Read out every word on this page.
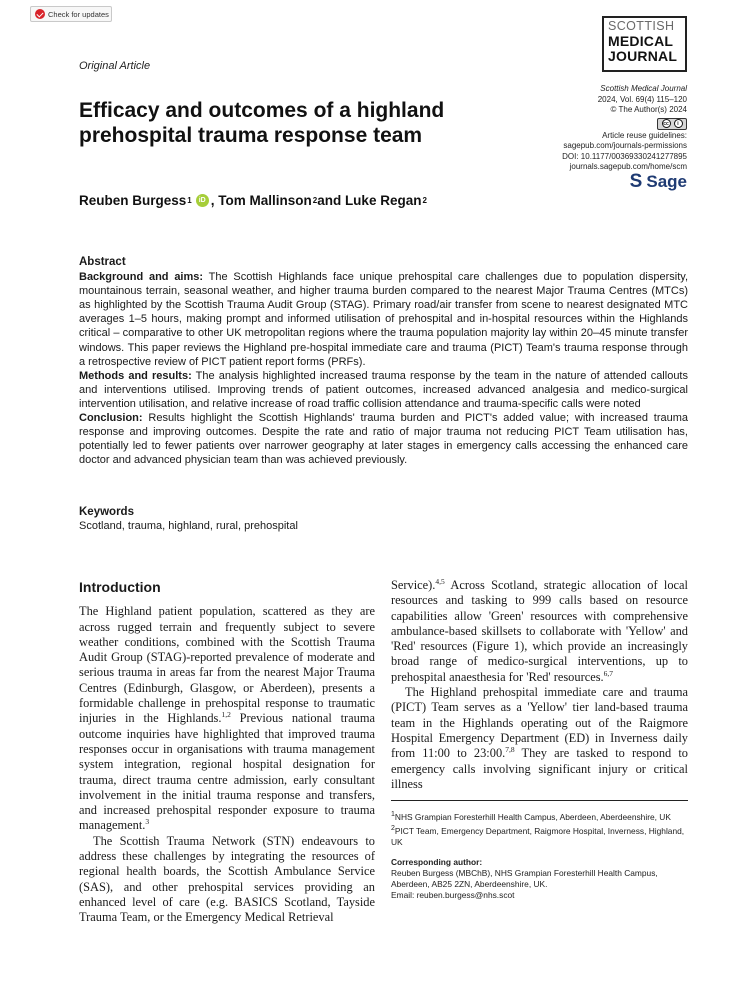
Check for updates
SCOTTISH
MEDICAL
JOURNAL
Original Article
Scottish Medical Journal
2024, Vol. 69(4) 115–120
© The Author(s) 2024
cc	i
Article reuse guidelines:
sagepub.com/journals-permissions
DOI: 10.1177/00369330241277895
journals.sagepub.com/home/scm
S Sage
Efficacy and outcomes of a highland prehospital trauma response team
Reuben Burgess 1	iD , Tom Mallinson 2 and Luke Regan 2
Abstract

Background and aims: The Scottish Highlands face unique prehospital care challenges due to population dispersity, mountainous terrain, seasonal weather, and higher trauma burden compared to the nearest Major Trauma Centres (MTCs) as highlighted by the Scottish Trauma Audit Group (STAG). Primary road/air transfer from scene to nearest designated MTC averages 1–5 hours, making prompt and informed utilisation of prehospital and in-hospital resources within the Highlands critical – comparative to other UK metropolitan regions where the trauma population majority lay within 20–45 minute transfer windows. This paper reviews the Highland pre-hospital immediate care and trauma (PICT) Team's trauma response through a retrospective review of PICT patient report forms (PRFs).

Methods and results: The analysis highlighted increased trauma response by the team in the nature of attended callouts and interventions utilised. Improving trends of patient outcomes, increased advanced analgesia and medico-surgical intervention utilisation, and relative increase of road traffic collision attendance and trauma-specific calls were noted

Conclusion: Results highlight the Scottish Highlands' trauma burden and PICT's added value; with increased trauma response and improving outcomes. Despite the rate and ratio of major trauma not reducing PICT Team utilisation has, potentially led to fewer patients over narrower geography at later stages in emergency calls accessing the enhanced care doctor and advanced physician team than was achieved previously.

Keywords
Scotland, trauma, highland, rural, prehospital
Introduction

The Highland patient population, scattered as they are across rugged terrain and frequently subject to severe weather conditions, combined with the Scottish Trauma Audit Group (STAG)-reported prevalence of moderate and serious trauma in areas far from the nearest Major Trauma Centres (Edinburgh, Glasgow, or Aberdeen), presents a formidable challenge in prehospital response to traumatic injuries in the Highlands.$^{1,2}$ Previous national trauma outcome inquiries have highlighted that improved trauma responses occur in organisations with trauma management system integration, regional hospital designation for trauma, direct trauma centre admission, early consultant involvement in the initial trauma response and transfers, and increased prehospital responder exposure to trauma management.$^3$

The Scottish Trauma Network (STN) endeavours to address these challenges by integrating the resources of regional health boards, the Scottish Ambulance Service (SAS), and other prehospital services providing an enhanced level of care (e.g. BASICS Scotland, Tayside Trauma Team, or the Emergency Medical Retrieval

Service).$^{4,5}$ Across Scotland, strategic allocation of local resources and tasking to 999 calls based on resource capabilities allow 'Green' resources with comprehensive ambulance-based skillsets to collaborate with 'Yellow' and 'Red' resources (Figure 1), which provide an increasingly broad range of medico-surgical interventions, up to prehospital anaesthesia for 'Red' resources.$^{6,7}$

The Highland prehospital immediate care and trauma (PICT) Team serves as a 'Yellow' tier land-based trauma team in the Highlands operating out of the Raigmore Hospital Emergency Department (ED) in Inverness daily from 11:00 to 23:00.$^{7,8}$ They are tasked to respond to emergency calls involving significant injury or critical illness

$^1$NHS Grampian Foresterhill Health Campus, Aberdeen, Aberdeenshire, UK

$^2$PICT Team, Emergency Department, Raigmore Hospital, Inverness, Highland, UK

Corresponding author:

Reuben Burgess (MBChB), NHS Grampian Foresterhill Health Campus, Aberdeen, AB25 2ZN, Aberdeenshire, UK.

Email: reuben.burgess@nhs.scot
